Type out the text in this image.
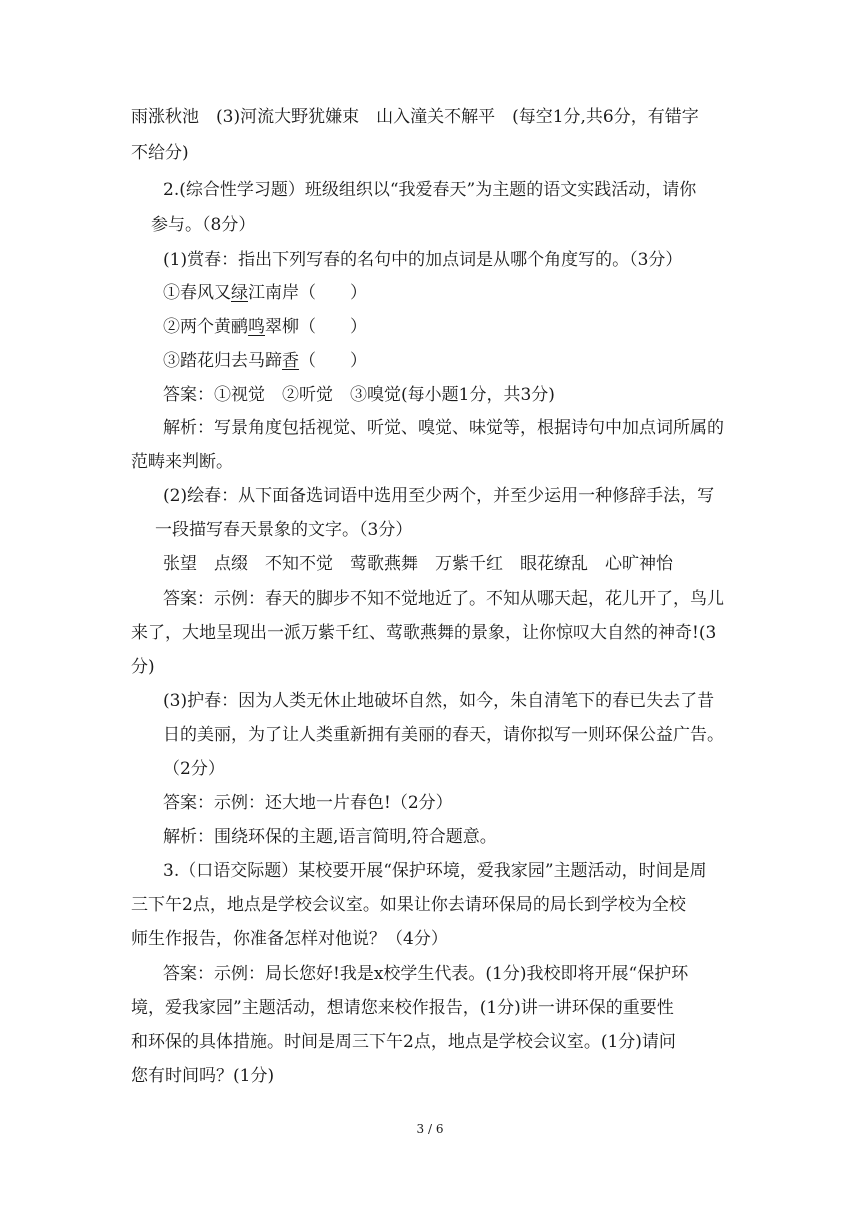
雨涨秋池　(3)河流大野犹嫌束　山入潼关不解平　(每空1分,共6分，有错字
不给分)
2.(综合性学习题）班级组织以“我爱春天”为主题的语文实践活动，请你
参与。（8分）
(1)赏春：指出下列写春的名句中的加点词是从哪个角度写的。（3分）
①春风又绿江南岸（　　）
②两个黄鹂鸣翠柳（　　）
③踏花归去马蹄香（　　）
答案：①视觉　②听觉　③嗅觉(每小题1分，共3分)
解析：写景角度包括视觉、听觉、嗅觉、味觉等，根据诗句中加点词所属的
范畴来判断。
(2)绘春：从下面备选词语中选用至少两个，并至少运用一种修辞手法，写
一段描写春天景象的文字。（3分）
张望　点缀　不知不觉　莺歌燕舞　万紫千红　眼花缭乱　心旷神怡
答案：示例：春天的脚步不知不觉地近了。不知从哪天起，花儿开了，鸟儿
来了，大地呈现出一派万紫千红、莺歌燕舞的景象，让你惊叹大自然的神奇!(3
分)
(3)护春：因为人类无休止地破坏自然，如今，朱自清笔下的春已失去了昔
日的美丽，为了让人类重新拥有美丽的春天，请你拟写一则环保公益广告。
（2分）
答案：示例：还大地一片春色!（2分）
解析：围绕环保的主题,语言简明,符合题意。
3.（口语交际题）某校要开展“保护环境，爱我家园”主题活动，时间是周
三下午2点，地点是学校会议室。如果让你去请环保局的局长到学校为全校
师生作报告，你准备怎样对他说？（4分）
答案：示例：局长您好!我是x校学生代表。(1分)我校即将开展“保护环
境，爱我家园”主题活动，想请您来校作报告，(1分)讲一讲环保的重要性
和环保的具体措施。时间是周三下午2点，地点是学校会议室。(1分)请问
您有时间吗？(1分)
3 / 6
